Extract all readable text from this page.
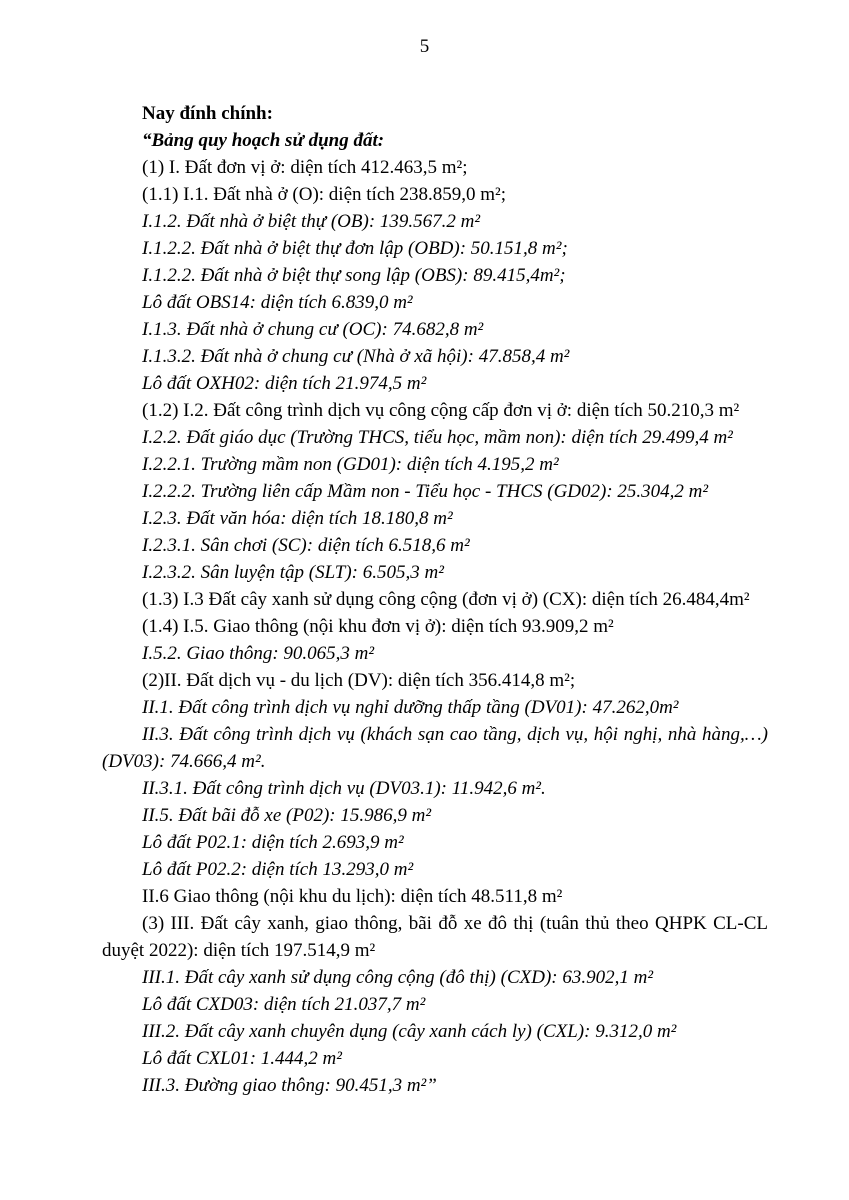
5

Nay đính chính:

“Bảng quy hoạch sử dụng đất:

(1) I. Đất đơn vị ở: diện tích 412.463,5 m²;

(1.1) I.1. Đất nhà ở (O): diện tích 238.859,0 m²;

I.1.2. Đất nhà ở biệt thự (OB): 139.567.2 m²

I.1.2.2. Đất nhà ở biệt thự đơn lập (OBD): 50.151,8 m²;

I.1.2.2. Đất nhà ở biệt thự song lập (OBS): 89.415,4m²;

Lô đất OBS14: diện tích 6.839,0 m²

I.1.3. Đất nhà ở chung cư (OC): 74.682,8 m²

I.1.3.2. Đất nhà ở chung cư (Nhà ở xã hội): 47.858,4 m²

Lô đất OXH02: diện tích 21.974,5 m²

(1.2) I.2. Đất công trình dịch vụ công cộng cấp đơn vị ở: diện tích 50.210,3 m²

I.2.2. Đất giáo dục (Trường THCS, tiểu học, mầm non): diện tích 29.499,4 m²

I.2.2.1. Trường mầm non (GD01): diện tích 4.195,2 m²

I.2.2.2. Trường liên cấp Mầm non - Tiểu học - THCS (GD02): 25.304,2 m²

I.2.3. Đất văn hóa: diện tích 18.180,8 m²

I.2.3.1. Sân chơi (SC): diện tích 6.518,6 m²

I.2.3.2. Sân luyện tập (SLT): 6.505,3 m²

(1.3) I.3 Đất cây xanh sử dụng công cộng (đơn vị ở) (CX): diện tích 26.484,4m²

(1.4) I.5. Giao thông (nội khu đơn vị ở): diện tích 93.909,2 m²

I.5.2. Giao thông: 90.065,3 m²

(2)II. Đất dịch vụ - du lịch (DV): diện tích 356.414,8 m²;

II.1. Đất công trình dịch vụ nghỉ dưỡng thấp tầng (DV01): 47.262,0m²

II.3. Đất công trình dịch vụ (khách sạn cao tầng, dịch vụ, hội nghị, nhà hàng,…) (DV03): 74.666,4 m².

II.3.1. Đất công trình dịch vụ (DV03.1): 11.942,6 m².

II.5. Đất bãi đỗ xe (P02): 15.986,9 m²

Lô đất P02.1: diện tích 2.693,9 m²

Lô đất P02.2: diện tích 13.293,0 m²

II.6 Giao thông (nội khu du lịch): diện tích 48.511,8 m²

(3) III. Đất cây xanh, giao thông, bãi đỗ xe đô thị (tuân thủ theo QHPK CL-CL duyệt 2022): diện tích 197.514,9 m²

III.1. Đất cây xanh sử dụng công cộng (đô thị) (CXD): 63.902,1 m²

Lô đất CXD03: diện tích 21.037,7 m²

III.2. Đất cây xanh chuyên dụng (cây xanh cách ly) (CXL): 9.312,0 m²

Lô đất CXL01: 1.444,2 m²

III.3. Đường giao thông: 90.451,3 m²”
